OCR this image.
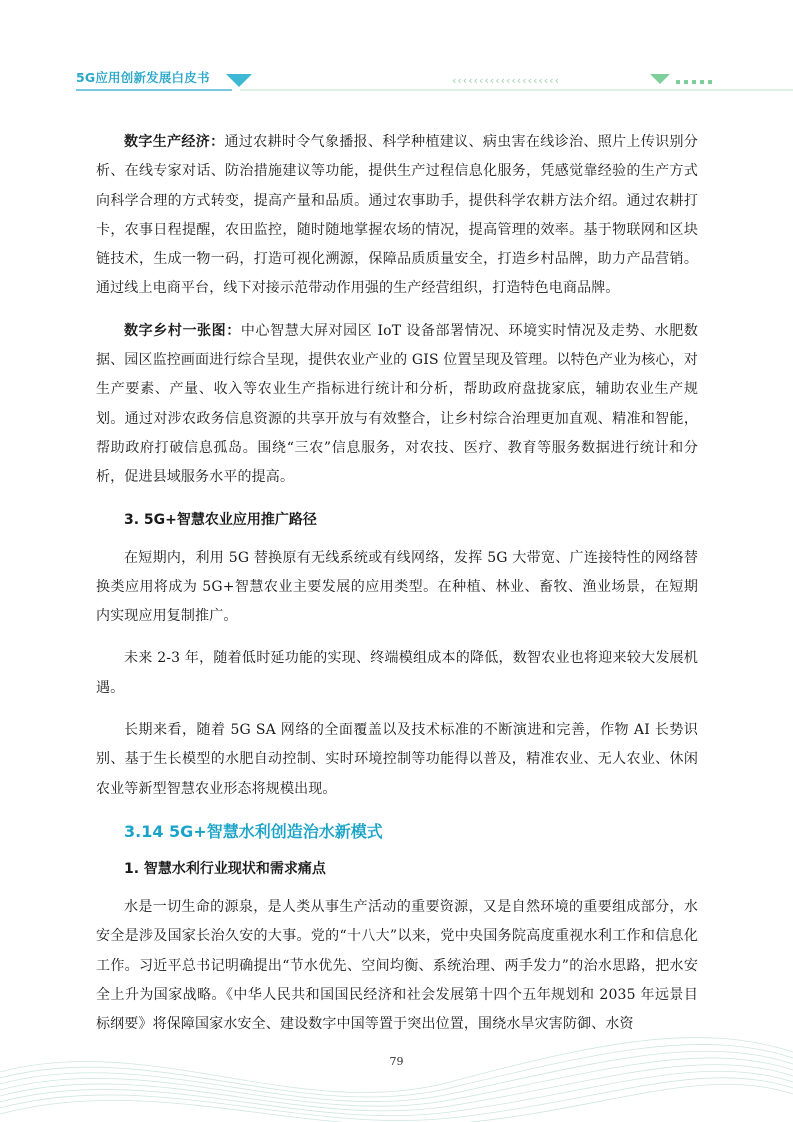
5G应用创新发展白皮书	‹‹‹‹‹‹‹‹‹‹‹‹‹‹‹‹‹‹‹‹

数字生产经济：通过农耕时令气象播报、科学种植建议、病虫害在线诊治、照片上传识别分析、在线专家对话、防治措施建议等功能，提供生产过程信息化服务，凭感觉靠经验的生产方式向科学合理的方式转变，提高产量和品质。通过农事助手，提供科学农耕方法介绍。通过农耕打卡，农事日程提醒，农田监控，随时随地掌握农场的情况，提高管理的效率。基于物联网和区块链技术，生成一物一码，打造可视化溯源，保障品质质量安全，打造乡村品牌，助力产品营销。通过线上电商平台，线下对接示范带动作用强的生产经营组织，打造特色电商品牌。

数字乡村一张图：中心智慧大屏对园区 IoT 设备部署情况、环境实时情况及走势、水肥数据、园区监控画面进行综合呈现，提供农业产业的 GIS 位置呈现及管理。以特色产业为核心，对生产要素、产量、收入等农业生产指标进行统计和分析，帮助政府盘拢家底，辅助农业生产规划。通过对涉农政务信息资源的共享开放与有效整合，让乡村综合治理更加直观、精准和智能，帮助政府打破信息孤岛。围绕“三农”信息服务，对农技、医疗、教育等服务数据进行统计和分析，促进县域服务水平的提高。

3. 5G+智慧农业应用推广路径

在短期内，利用 5G 替换原有无线系统或有线网络，发挥 5G 大带宽、广连接特性的网络替换类应用将成为 5G+智慧农业主要发展的应用类型。在种植、林业、畜牧、渔业场景，在短期内实现应用复制推广。

未来 2-3 年，随着低时延功能的实现、终端模组成本的降低，数智农业也将迎来较大发展机遇。

长期来看，随着 5G SA 网络的全面覆盖以及技术标准的不断演进和完善，作物 AI 长势识别、基于生长模型的水肥自动控制、实时环境控制等功能得以普及，精准农业、无人农业、休闲农业等新型智慧农业形态将规模出现。

3.14 5G+智慧水利创造治水新模式
1. 智慧水利行业现状和需求痛点

水是一切生命的源泉，是人类从事生产活动的重要资源，又是自然环境的重要组成部分，水安全是涉及国家长治久安的大事。党的“十八大”以来，党中央国务院高度重视水利工作和信息化工作。习近平总书记明确提出“节水优先、空间均衡、系统治理、两手发力”的治水思路，把水安全上升为国家战略。《中华人民共和国国民经济和社会发展第十四个五年规划和 2035 年远景目标纲要》将保障国家水安全、建设数字中国等置于突出位置，围绕水旱灾害防御、水资

79
